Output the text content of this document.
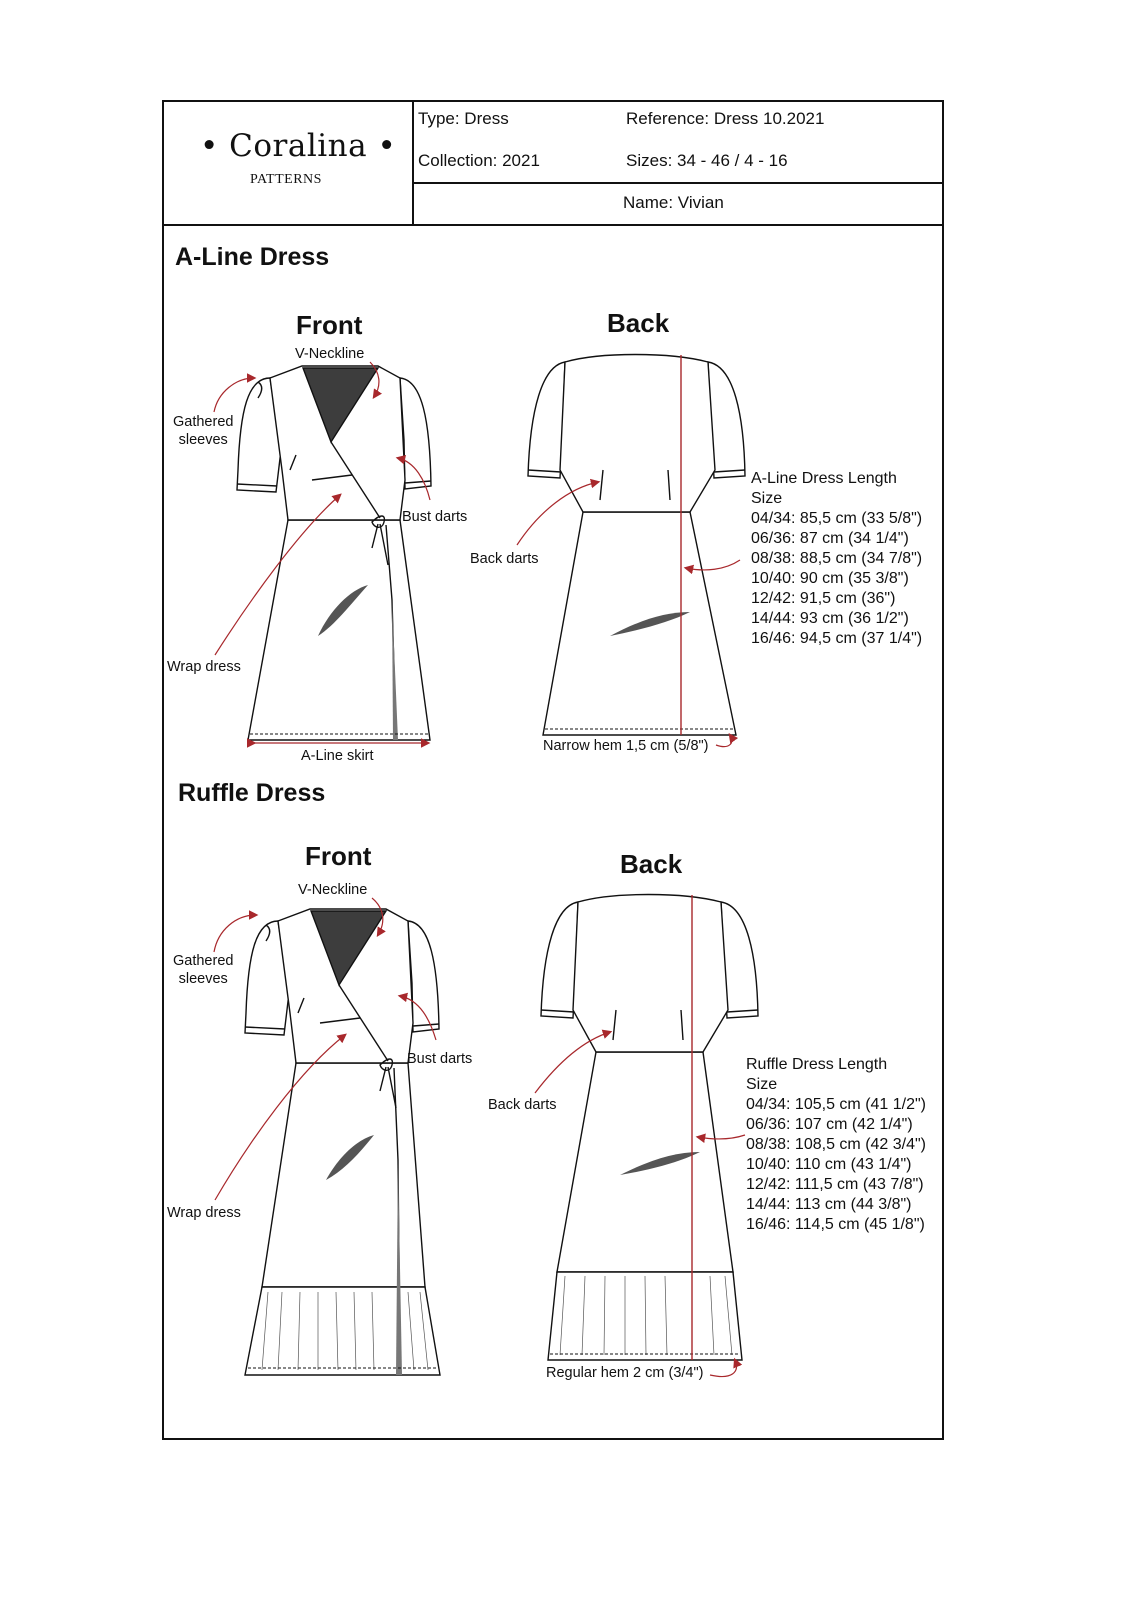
• Coralina •
PATTERNS
Type: Dress	Reference: Dress 10.2021
Collection: 2021	Sizes: 34 - 46 / 4 - 16
Name: Vivian
A-Line Dress
Front	Back
V-Neckline
Gathered
sleeves
Bust darts
Wrap dress
A-Line skirt
Back darts
Narrow hem 1,5 cm (5/8")
A-Line Dress Length
Size
04/34: 85,5 cm (33 5/8")
06/36: 87 cm (34 1/4")
08/38: 88,5 cm (34 7/8")
10/40: 90 cm (35 3/8")
12/42: 91,5 cm (36")
14/44: 93 cm (36 1/2")
16/46: 94,5 cm (37 1/4")
Ruffle Dress
Front	Back
V-Neckline
Gathered
sleeves
Bust darts
Wrap dress
Back darts
Regular hem 2 cm (3/4")
Ruffle Dress Length
Size
04/34: 105,5 cm (41 1/2")
06/36: 107 cm (42 1/4")
08/38: 108,5 cm (42 3/4")
10/40: 110 cm (43 1/4")
12/42: 111,5 cm (43 7/8")
14/44: 113 cm (44 3/8")
16/46: 114,5 cm (45 1/8")
